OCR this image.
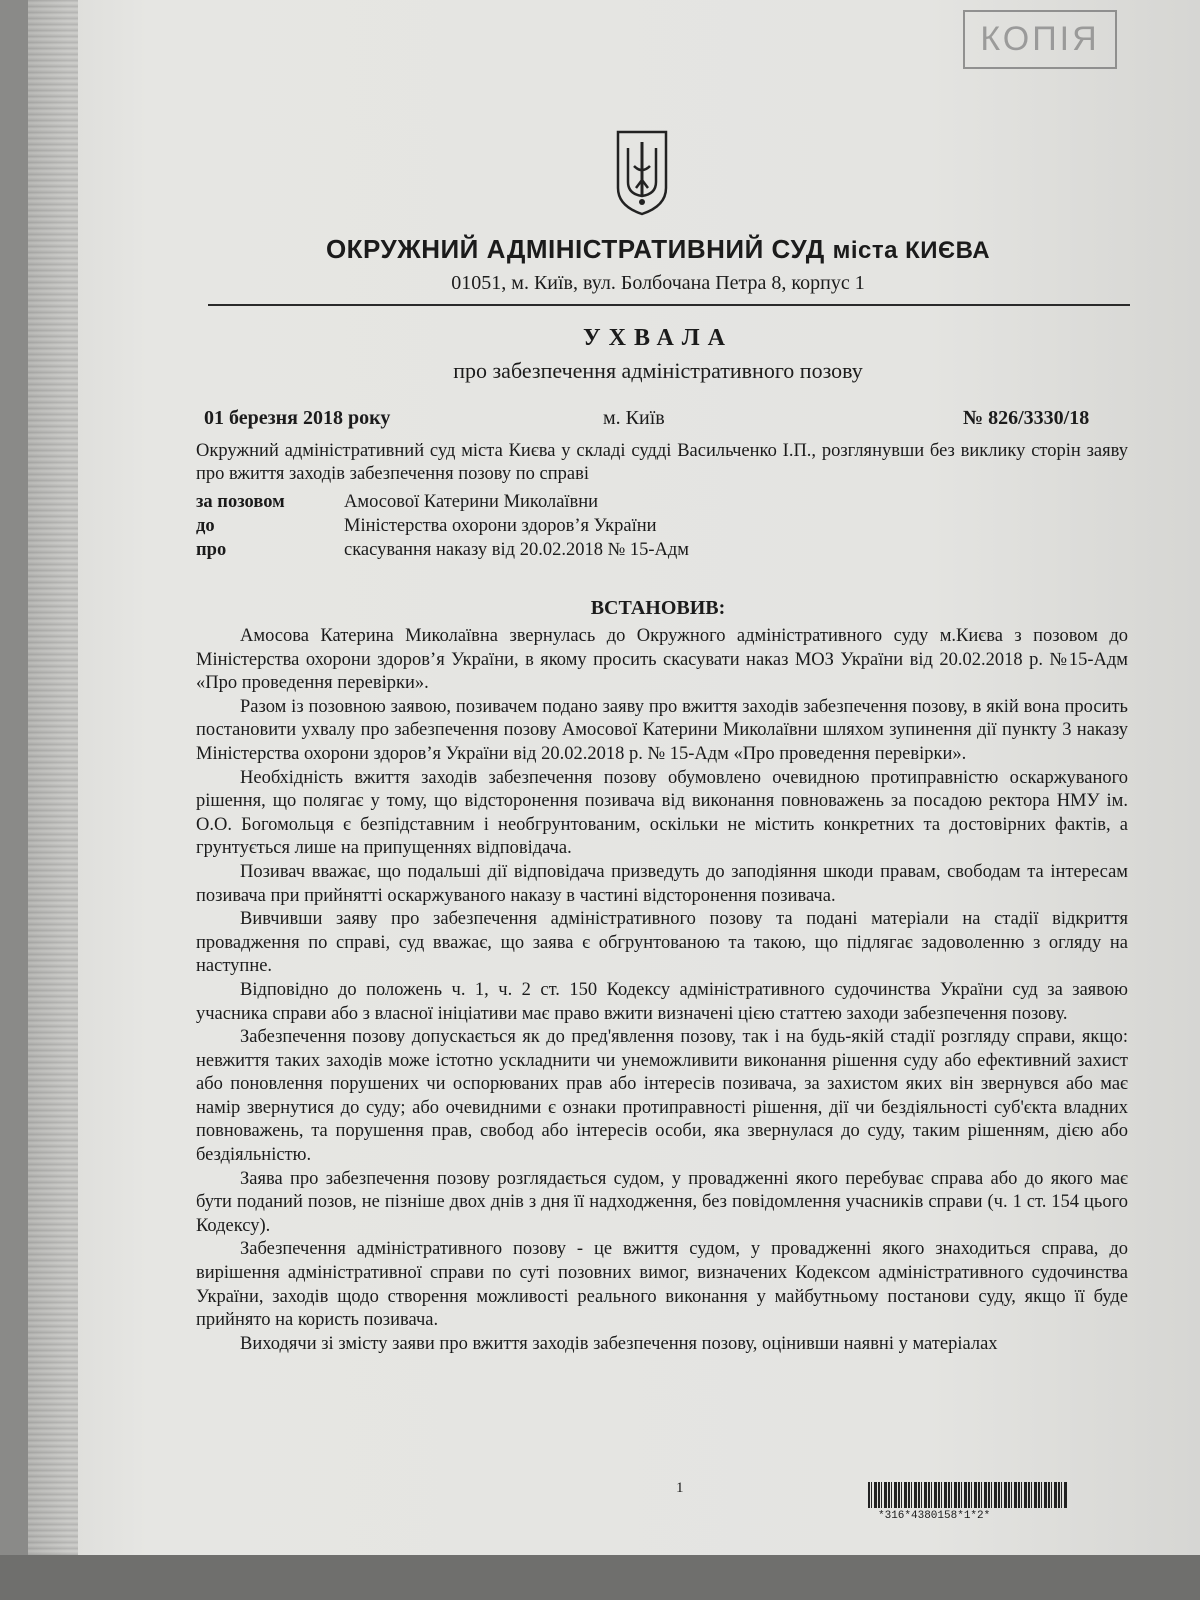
КОПІЯ
ОКРУЖНИЙ АДМІНІСТРАТИВНИЙ СУД міста КИЄВА
01051, м. Київ, вул. Болбочана Петра 8, корпус 1
УХВАЛА
про забезпечення адміністративного позову
01 березня 2018 року	м. Київ	№ 826/3330/18
Окружний адміністративний суд міста Києва у складі судді Васильченко І.П., розглянувши без виклику сторін заяву про вжиття заходів забезпечення позову по справі
за позовом	Амосової Катерини Миколаївни
до	Міністерства охорони здоров’я України
про	скасування наказу від 20.02.2018 № 15-Адм
ВСТАНОВИВ:

Амосова Катерина Миколаївна звернулась до Окружного адміністративного суду м.Києва з позовом до Міністерства охорони здоров’я України, в якому просить скасувати наказ МОЗ України від 20.02.2018 р. №15-Адм «Про проведення перевірки».

Разом із позовною заявою, позивачем подано заяву про вжиття заходів забезпечення позову, в якій вона просить постановити ухвалу про забезпечення позову Амосової Катерини Миколаївни шляхом зупинення дії пункту 3 наказу Міністерства охорони здоров’я України від 20.02.2018 р. № 15-Адм «Про проведення перевірки».

Необхідність вжиття заходів забезпечення позову обумовлено очевидною протиправністю оскаржуваного рішення, що полягає у тому, що відсторонення позивача від виконання повноважень за посадою ректора НМУ ім. О.О. Богомольця є безпідставним і необгрунтованим, оскільки не містить конкретних та достовірних фактів, а грунтується лише на припущеннях відповідача.

Позивач вважає, що подальші дії відповідача призведуть до заподіяння шкоди правам, свободам та інтересам позивача при прийнятті оскаржуваного наказу в частині відсторонення позивача.

Вивчивши заяву про забезпечення адміністративного позову та подані матеріали на стадії відкриття провадження по справі, суд вважає, що заява є обгрунтованою та такою, що підлягає задоволенню з огляду на наступне.

Відповідно до положень ч. 1, ч. 2 ст. 150 Кодексу адміністративного судочинства України суд за заявою учасника справи або з власної ініціативи має право вжити визначені цією статтею заходи забезпечення позову.

Забезпечення позову допускається як до пред'явлення позову, так і на будь-якій стадії розгляду справи, якщо: невжиття таких заходів може істотно ускладнити чи унеможливити виконання рішення суду або ефективний захист або поновлення порушених чи оспорюваних прав або інтересів позивача, за захистом яких він звернувся або має намір звернутися до суду; або очевидними є ознаки протиправності рішення, дії чи бездіяльності суб'єкта владних повноважень, та порушення прав, свобод або інтересів особи, яка звернулася до суду, таким рішенням, дією або бездіяльністю.

Заява про забезпечення позову розглядається судом, у провадженні якого перебуває справа або до якого має бути поданий позов, не пізніше двох днів з дня її надходження, без повідомлення учасників справи (ч. 1 ст. 154 цього Кодексу).

Забезпечення адміністративного позову - це вжиття судом, у провадженні якого знаходиться справа, до вирішення адміністративної справи по суті позовних вимог, визначених Кодексом адміністративного судочинства України, заходів щодо створення можливості реального виконання у майбутньому постанови суду, якщо її буде прийнято на користь позивача.

Виходячи зі змісту заяви про вжиття заходів забезпечення позову, оцінивши наявні у матеріалах

1
*316*4380158*1*2*
